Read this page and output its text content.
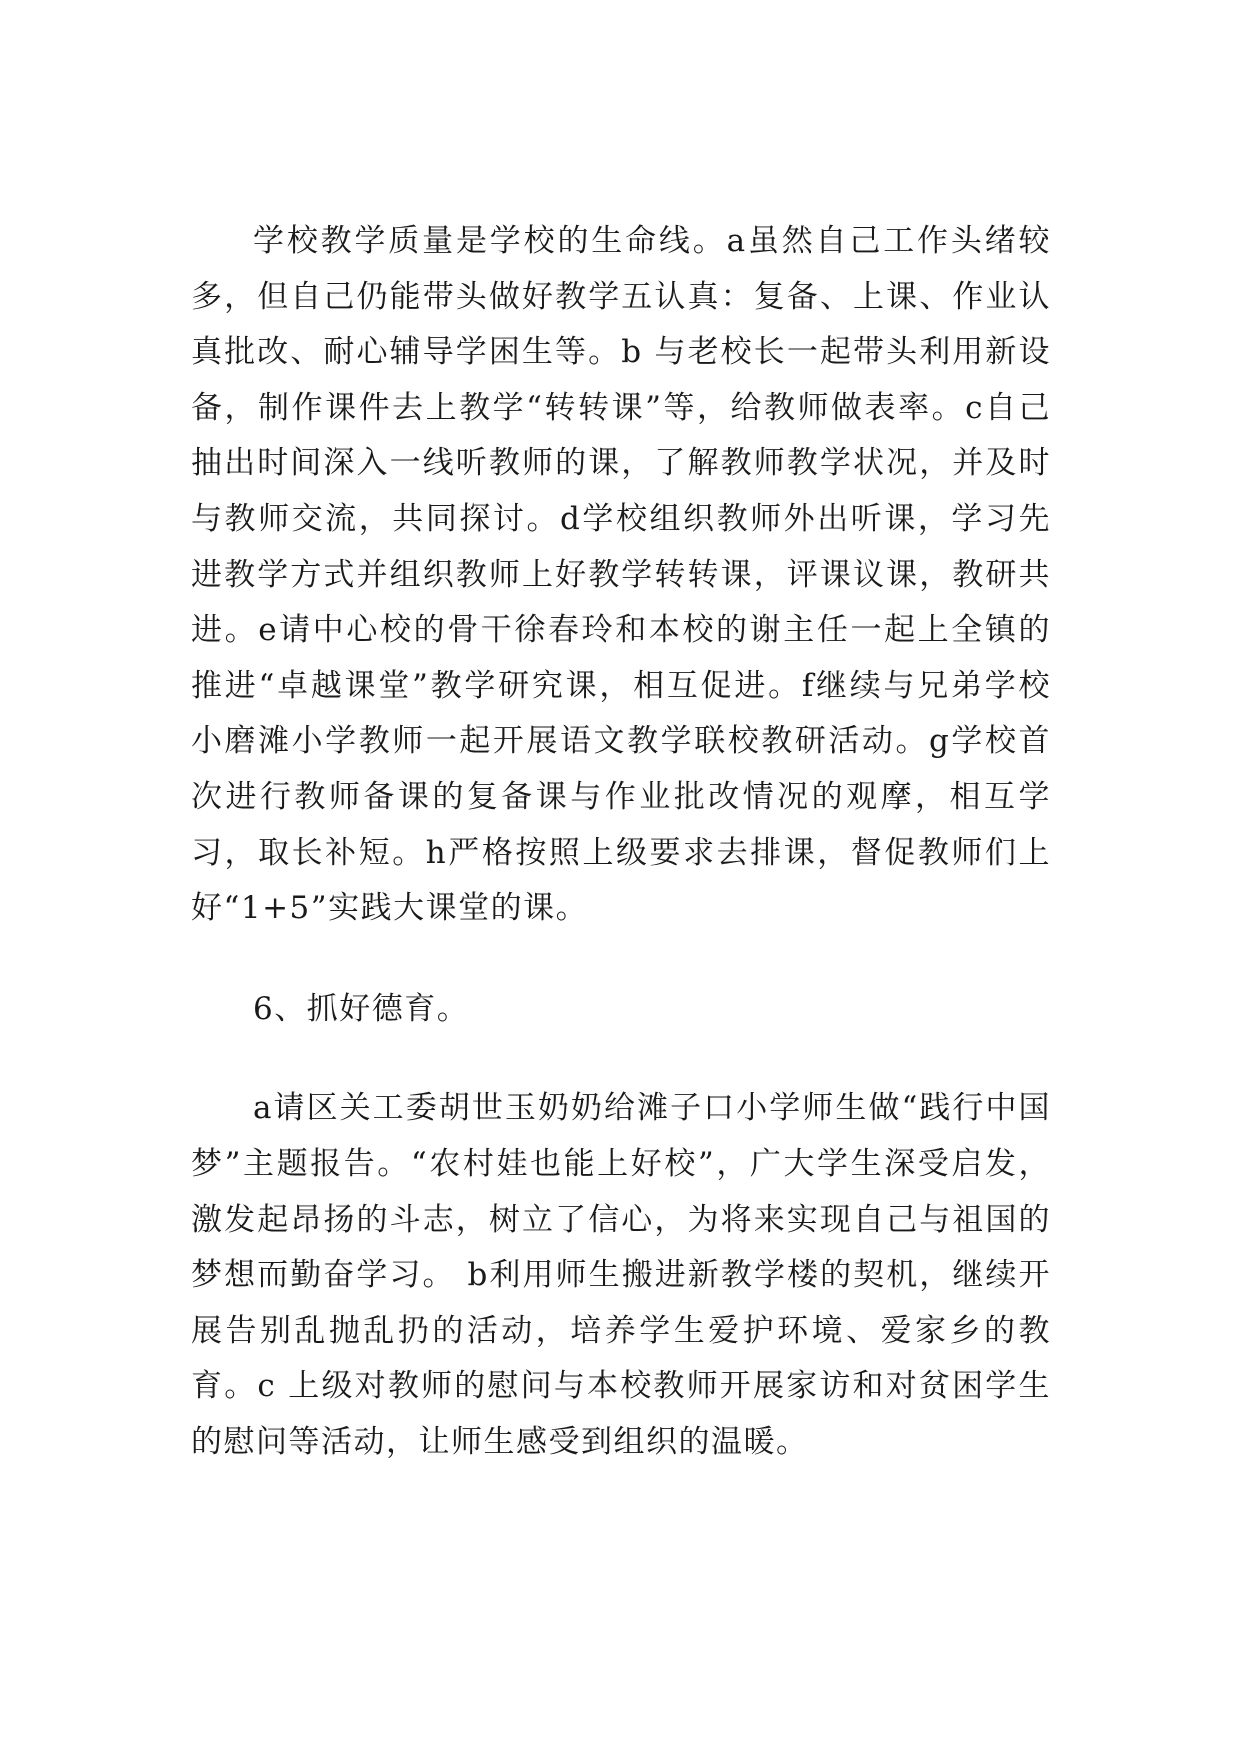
学校教学质量是学校的生命线。a虽然自己工作头绪较多，但自己仍能带头做好教学五认真：复备、上课、作业认真批改、耐心辅导学困生等。b 与老校长一起带头利用新设备，制作课件去上教学“转转课”等，给教师做表率。c自己抽出时间深入一线听教师的课，了解教师教学状况，并及时与教师交流，共同探讨。d学校组织教师外出听课，学习先进教学方式并组织教师上好教学转转课，评课议课，教研共进。e请中心校的骨干徐春玲和本校的谢主任一起上全镇的推进“卓越课堂”教学研究课，相互促进。f继续与兄弟学校小磨滩小学教师一起开展语文教学联校教研活动。g学校首次进行教师备课的复备课与作业批改情况的观摩，相互学习，取长补短。h严格按照上级要求去排课，督促教师们上好“1+5”实践大课堂的课。

6、抓好德育。

a请区关工委胡世玉奶奶给滩子口小学师生做“践行中国梦”主题报告。“农村娃也能上好校”，广大学生深受启发，激发起昂扬的斗志，树立了信心，为将来实现自己与祖国的梦想而勤奋学习。 b利用师生搬进新教学楼的契机，继续开展告别乱抛乱扔的活动，培养学生爱护环境、爱家乡的教育。c 上级对教师的慰问与本校教师开展家访和对贫困学生的慰问等活动，让师生感受到组织的温暖。
